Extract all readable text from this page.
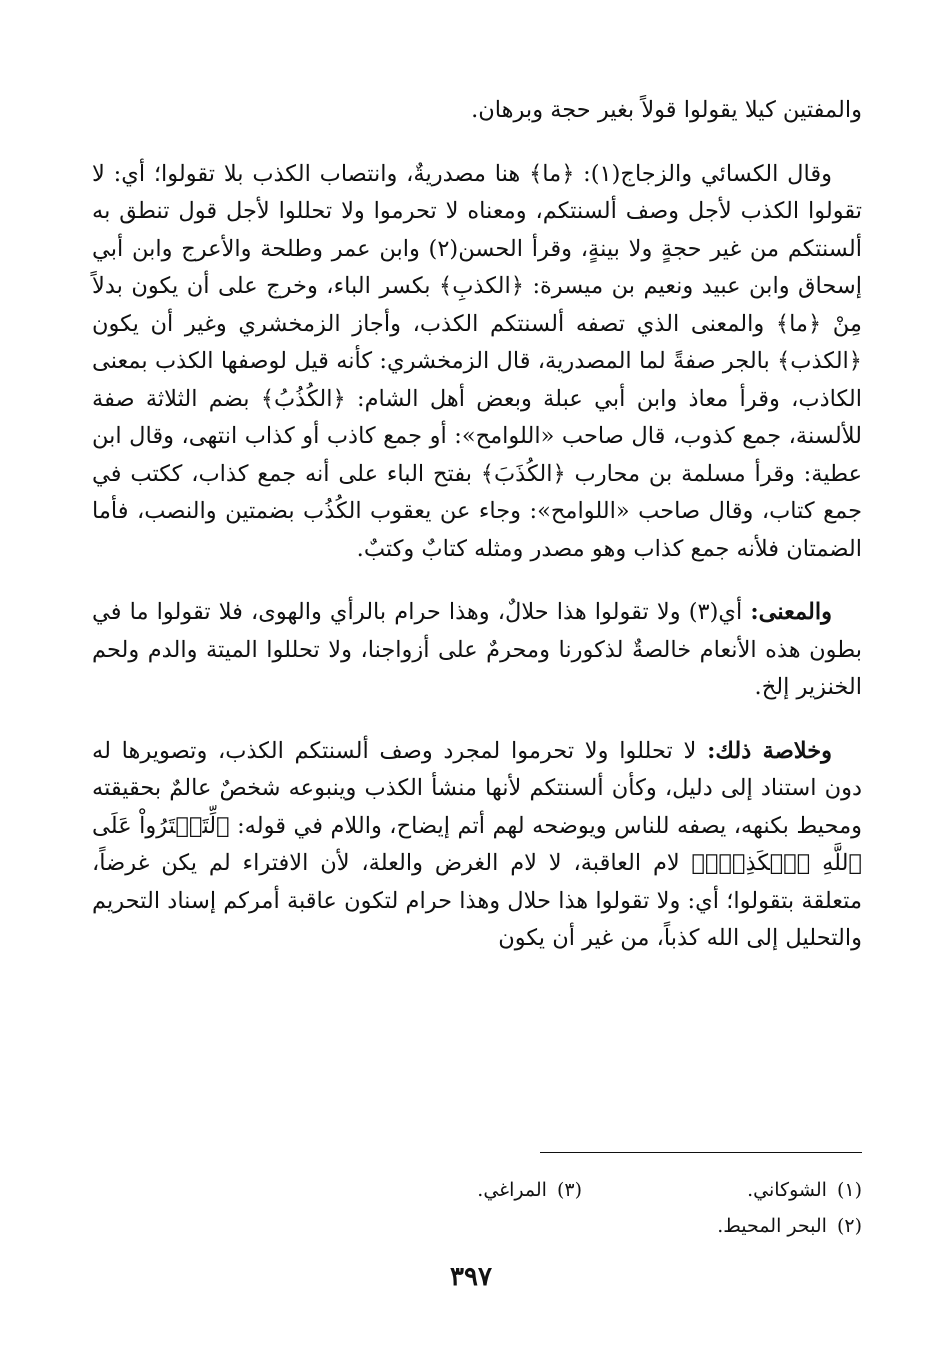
والمفتين كيلا يقولوا قولاً بغير حجة وبرهان.

وقال الكسائي والزجاج(١): ﴿ما﴾ هنا مصدريةٌ، وانتصاب الكذب بلا تقولوا؛ أي: لا تقولوا الكذب لأجل وصف ألسنتكم، ومعناه لا تحرموا ولا تحللوا لأجل قول تنطق به ألسنتكم من غير حجةٍ ولا بينةٍ، وقرأ الحسن(٢) وابن عمر وطلحة والأعرج وابن أبي إسحاق وابن عبيد ونعيم بن ميسرة: ﴿الكذبِ﴾ بكسر الباء، وخرج على أن يكون بدلاً مِنْ ﴿ما﴾ والمعنى الذي تصفه ألسنتكم الكذب، وأجاز الزمخشري وغير أن يكون ﴿الكذب﴾ بالجر صفةً لما المصدرية، قال الزمخشري: كأنه قيل لوصفها الكذب بمعنى الكاذب، وقرأ معاذ وابن أبي عبلة وبعض أهل الشام: ﴿الكُذُبُ﴾ بضم الثلاثة صفة للألسنة، جمع كذوب، قال صاحب «اللوامح»: أو جمع كاذب أو كذاب انتهى، وقال ابن عطية: وقرأ مسلمة بن محارب ﴿الكُذَبَ﴾ بفتح الباء على أنه جمع كذاب، ككتب في جمع كتاب، وقال صاحب «اللوامح»: وجاء عن يعقوب الكُذُب بضمتين والنصب، فأما الضمتان فلأنه جمع كذاب وهو مصدر ومثله كتابٌ وكتبٌ.

والمعنى: أي(٣) ولا تقولوا هذا حلالٌ، وهذا حرام بالرأي والهوى، فلا تقولوا ما في بطون هذه الأنعام خالصةٌ لذكورنا ومحرمٌ على أزواجنا، ولا تحللوا الميتة والدم ولحم الخنزير إلخ.

وخلاصة ذلك: لا تحللوا ولا تحرموا لمجرد وصف ألسنتكم الكذب، وتصويرها له دون استناد إلى دليل، وكأن ألسنتكم لأنها منشأ الكذب وينبوعه شخصٌ عالمٌ بحقيقته ومحيط بكنهه، يصفه للناس ويوضحه لهم أتم إيضاح، واللام في قوله: ﴿لِّتَفۡتَرُواْ عَلَى ٱللَّهِ ٱلۡكَذِبَۚ﴾ لام العاقبة، لا لام الغرض والعلة، لأن الافتراء لم يكن غرضاً، متعلقة بتقولوا؛ أي: ولا تقولوا هذا حلال وهذا حرام لتكون عاقبة أمركم إسناد التحريم والتحليل إلى الله كذباً، من غير أن يكون

(١)الشوكاني.
(٣)المراغي.
(٢)البحر المحيط.
٣٩٧
